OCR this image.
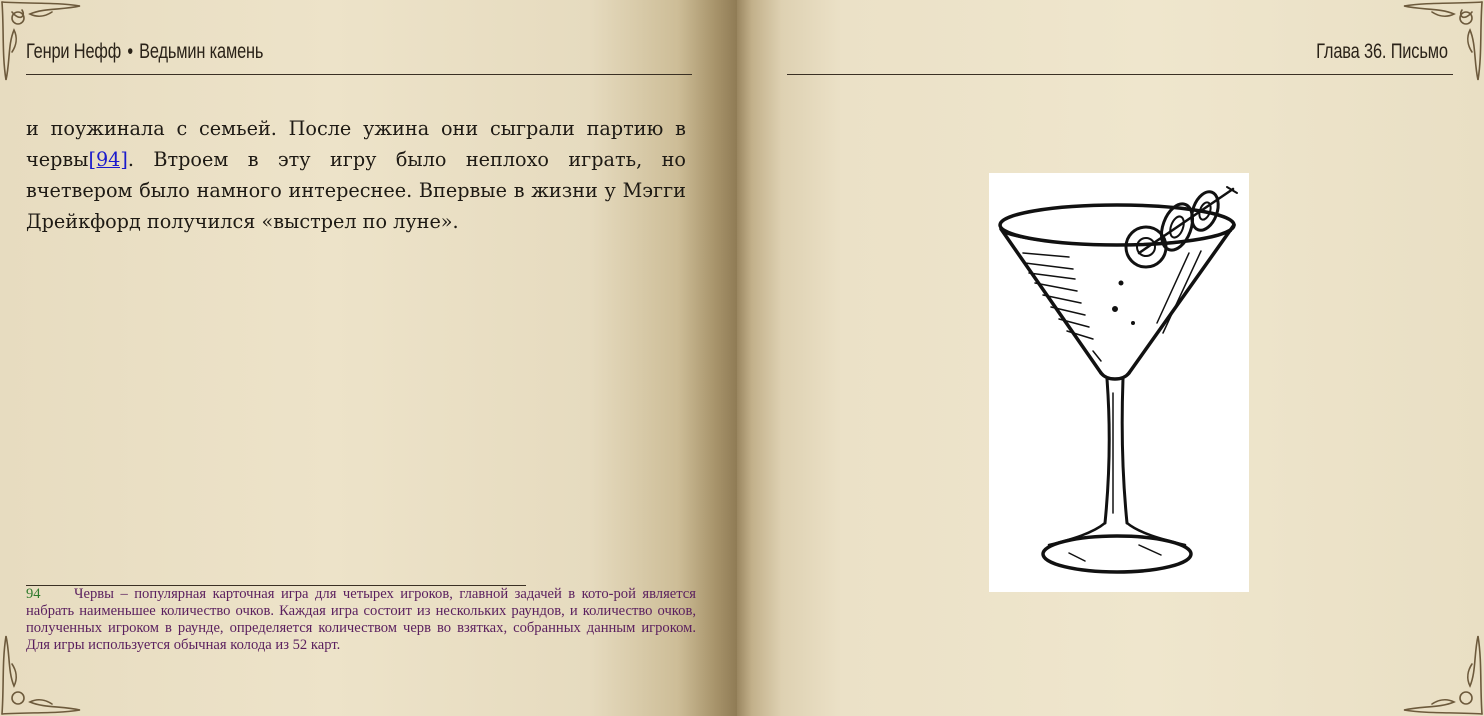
Генри Нефф • Ведьмин камень

и поужинала с семьей. После ужина они сыграли партию в червы[94]. Втроем в эту игру было неплохо играть, но вчетвером было намного интереснее. Впервые в жизни у Мэгги Дрейкфорд получился «выстрел по луне».

94 Червы – популярная карточная игра для четырех игроков, главной задачей в кото-рой является набрать наименьшее количество очков. Каждая игра состоит из нескольких раундов, и количество очков, полученных игроком в раунде, определяется количеством черв во взятках, собранных данным игроком. Для игры используется обычная колода из 52 карт.

Глава 36. Письмо
